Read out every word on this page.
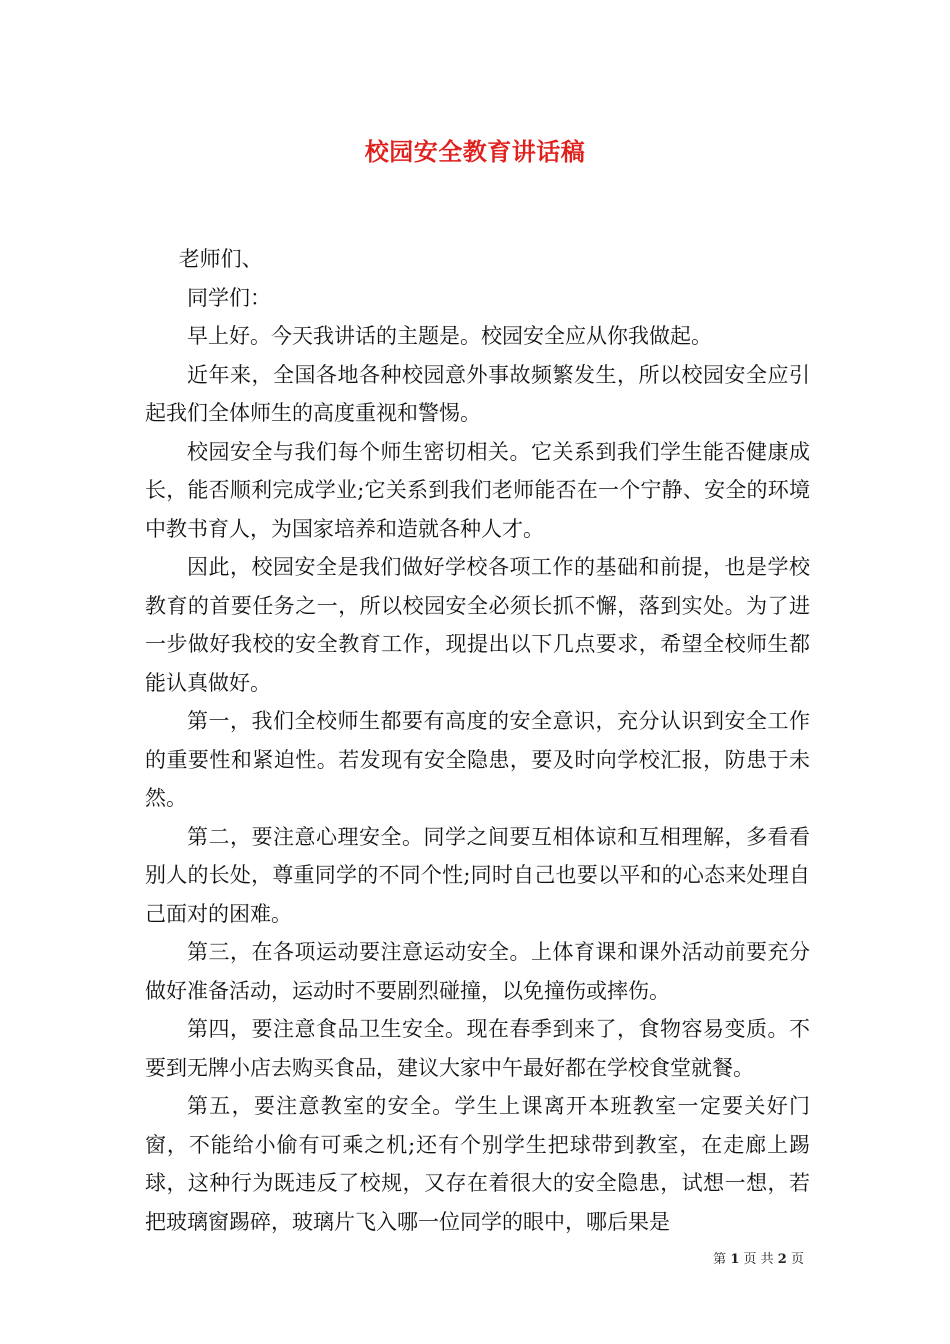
校园安全教育讲话稿

老师们、

同学们：

早上好。今天我讲话的主题是。校园安全应从你我做起。

近年来，全国各地各种校园意外事故频繁发生，所以校园安全应引起我们全体师生的高度重视和警惕。

校园安全与我们每个师生密切相关。它关系到我们学生能否健康成长，能否顺利完成学业;它关系到我们老师能否在一个宁静、安全的环境中教书育人，为国家培养和造就各种人才。

因此，校园安全是我们做好学校各项工作的基础和前提，也是学校教育的首要任务之一，所以校园安全必须长抓不懈，落到实处。为了进一步做好我校的安全教育工作，现提出以下几点要求，希望全校师生都能认真做好。

第一，我们全校师生都要有高度的安全意识，充分认识到安全工作的重要性和紧迫性。若发现有安全隐患，要及时向学校汇报，防患于未然。

第二，要注意心理安全。同学之间要互相体谅和互相理解，多看看别人的长处，尊重同学的不同个性;同时自己也要以平和的心态来处理自己面对的困难。

第三，在各项运动要注意运动安全。上体育课和课外活动前要充分做好准备活动，运动时不要剧烈碰撞，以免撞伤或摔伤。

第四，要注意食品卫生安全。现在春季到来了，食物容易变质。不要到无牌小店去购买食品，建议大家中午最好都在学校食堂就餐。

第五，要注意教室的安全。学生上课离开本班教室一定要关好门窗，不能给小偷有可乘之机;还有个别学生把球带到教室，在走廊上踢球，这种行为既违反了校规，又存在着很大的安全隐患，试想一想，若把玻璃窗踢碎，玻璃片飞入哪一位同学的眼中，哪后果是

第 1 页 共 2 页
